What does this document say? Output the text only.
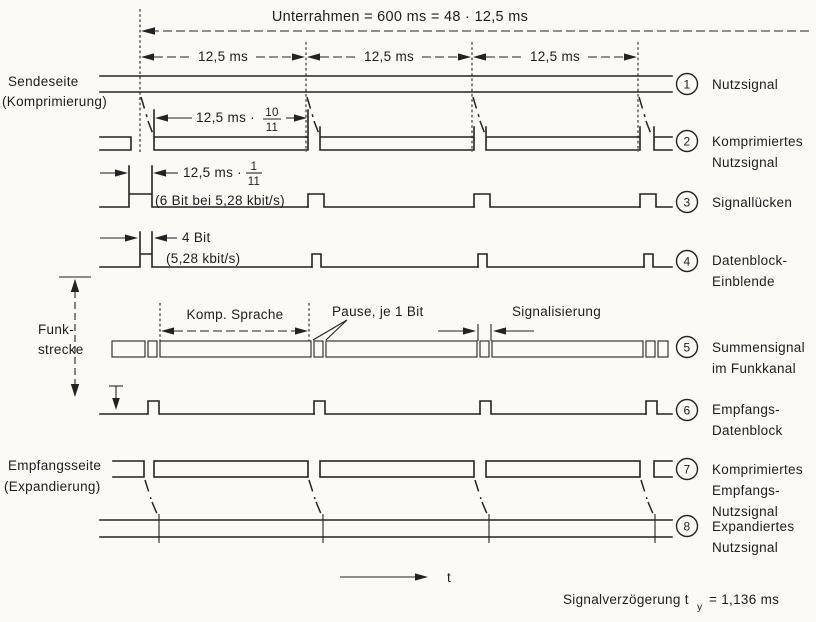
Unterrahmen = 600 ms = 48 · 12,5 ms
12,5 ms	12,5 ms	12,5 ms
Sendeseite
(Komprimierung)
12,5 ms · 10
11
12,5 ms · 1
11
(6 Bit bei 5,28 kbit/s)
4 Bit
(5,28 kbit/s)
Funk-
strecke
Komp. Sprache	Pause, je 1 Bit	Signalisierung
Empfangsseite
(Expandierung)
t
Signalverzögerung t y = 1,136 ms
1 Nutzsignal
2 Komprimiertes
Nutzsignal
3 Signallücken
4 Datenblock-
Einblende
5 Summensignal
im Funkkanal
6 Empfangs-
Datenblock
7 Komprimiertes
Empfangs-
Nutzsignal
8 Expandiertes
Nutzsignal
